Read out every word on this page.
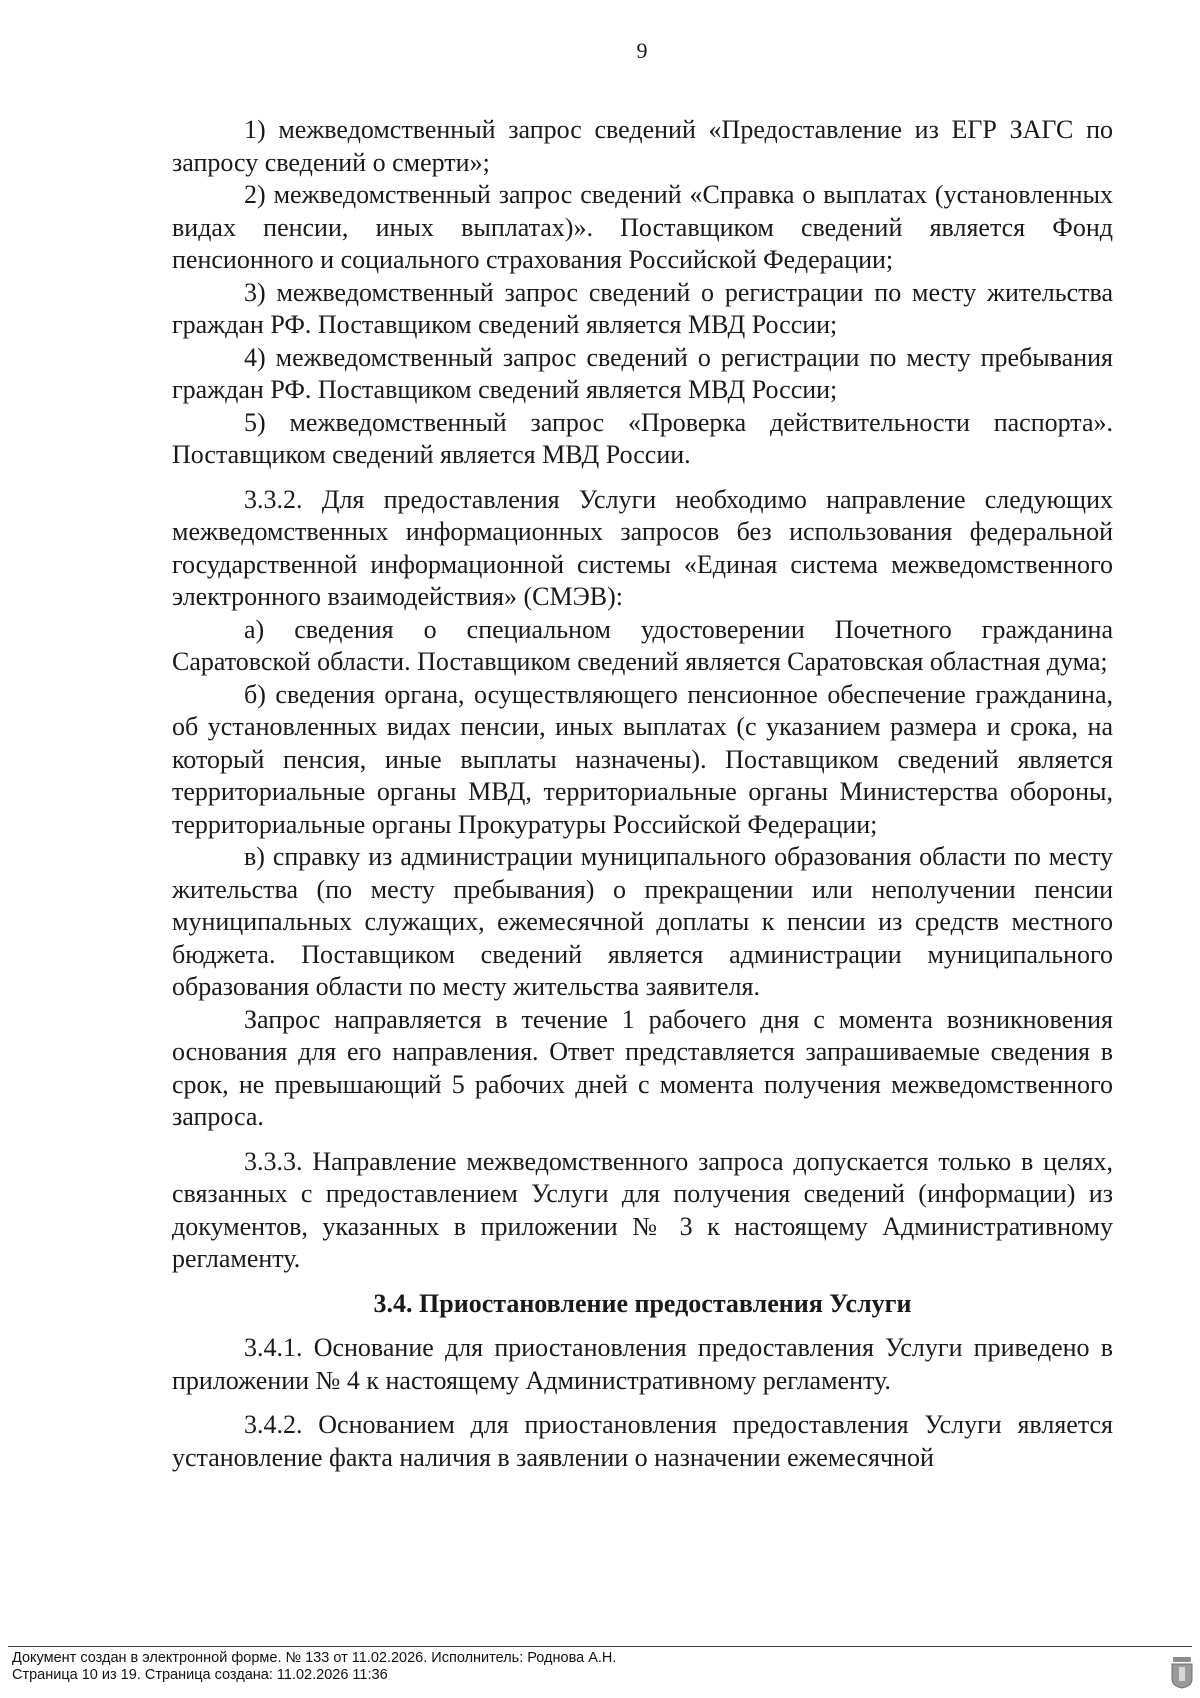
9

1) межведомственный запрос сведений «Предоставление из ЕГР ЗАГС по запросу сведений о смерти»;

2) межведомственный запрос сведений «Справка о выплатах (установленных видах пенсии, иных выплатах)». Поставщиком сведений является Фонд пенсионного и социального страхования Российской Федерации;

3) межведомственный запрос сведений о регистрации по месту жительства граждан РФ. Поставщиком сведений является МВД России;

4) межведомственный запрос сведений о регистрации по месту пребывания граждан РФ. Поставщиком сведений является МВД России;

5) межведомственный запрос «Проверка действительности паспорта». Поставщиком сведений является МВД России.

3.3.2. Для предоставления Услуги необходимо направление следующих межведомственных информационных запросов без использования федеральной государственной информационной системы «Единая система межведомственного электронного взаимодействия» (СМЭВ):

а) сведения о специальном удостоверении Почетного гражданина Саратовской области. Поставщиком сведений является Саратовская областная дума;

б) сведения органа, осуществляющего пенсионное обеспечение гражданина, об установленных видах пенсии, иных выплатах (с указанием размера и срока, на который пенсия, иные выплаты назначены). Поставщиком сведений является территориальные органы МВД, территориальные органы Министерства обороны, территориальные органы Прокуратуры Российской Федерации;

в) справку из администрации муниципального образования области по месту жительства (по месту пребывания) о прекращении или неполучении пенсии муниципальных служащих, ежемесячной доплаты к пенсии из средств местного бюджета. Поставщиком сведений является администрации муниципального образования области по месту жительства заявителя.

Запрос направляется в течение 1 рабочего дня с момента возникновения основания для его направления. Ответ представляется запрашиваемые сведения в срок, не превышающий 5 рабочих дней с момента получения межведомственного запроса.

3.3.3. Направление межведомственного запроса допускается только в целях, связанных с предоставлением Услуги для получения сведений (информации) из документов, указанных в приложении № 3 к настоящему Административному регламенту.

3.4. Приостановление предоставления Услуги

3.4.1. Основание для приостановления предоставления Услуги приведено в приложении № 4 к настоящему Административному регламенту.

3.4.2. Основанием для приостановления предоставления Услуги является установление факта наличия в заявлении о назначении ежемесячной

Документ создан в электронной форме. № 133 от 11.02.2026. Исполнитель: Роднова А.Н.
Страница 10 из 19. Страница создана: 11.02.2026 11:36
